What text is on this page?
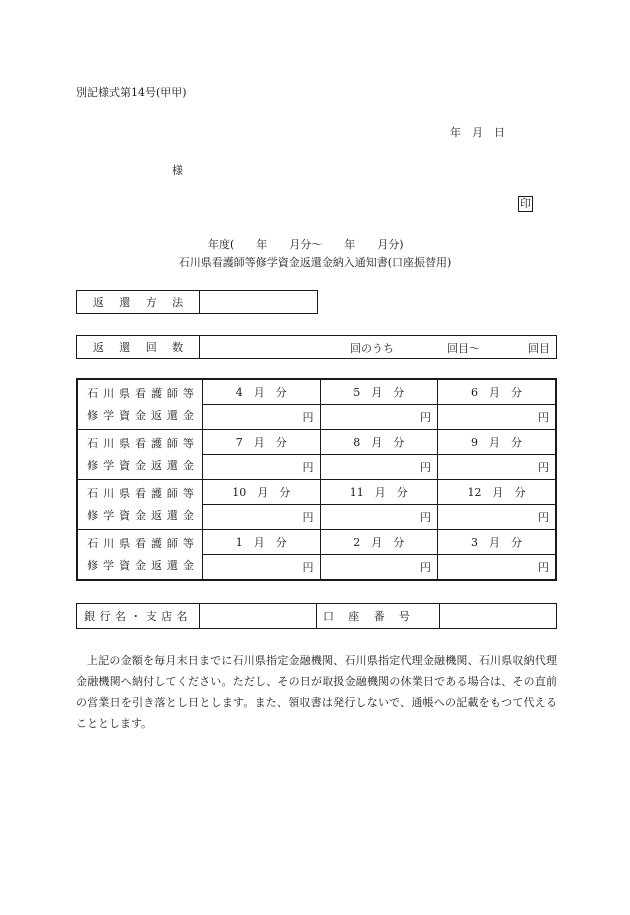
別記様式第14号(甲甲)
年　月　日
様
印
年度(　　年　　月分〜　　年　　月分)
石川県看護師等修学資金返還金納入通知書(口座振替用)
返還方法	
返還回数	回のうち	回目〜	回目
石川県看護師等
修学資金返還金	4　月　分	5　月　分	6　月　分
	円	円	円
石川県看護師等
修学資金返還金	7　月　分	8　月　分	9　月　分
	円	円	円
石川県看護師等
修学資金返還金	10　月　分	11　月　分	12　月　分
	円	円	円
石川県看護師等
修学資金返還金	1　月　分	2　月　分	3　月　分
	円	円	円
銀行名・支店名		口座番号	
上記の金額を毎月末日までに石川県指定金融機関、石川県指定代理金融機関、石川県収納代理金融機関へ納付してください。ただし、その日が取扱金融機関の休業日である場合は、その直前の営業日を引き落とし日とします。また、領収書は発行しないで、通帳への記載をもつて代えることとします。
